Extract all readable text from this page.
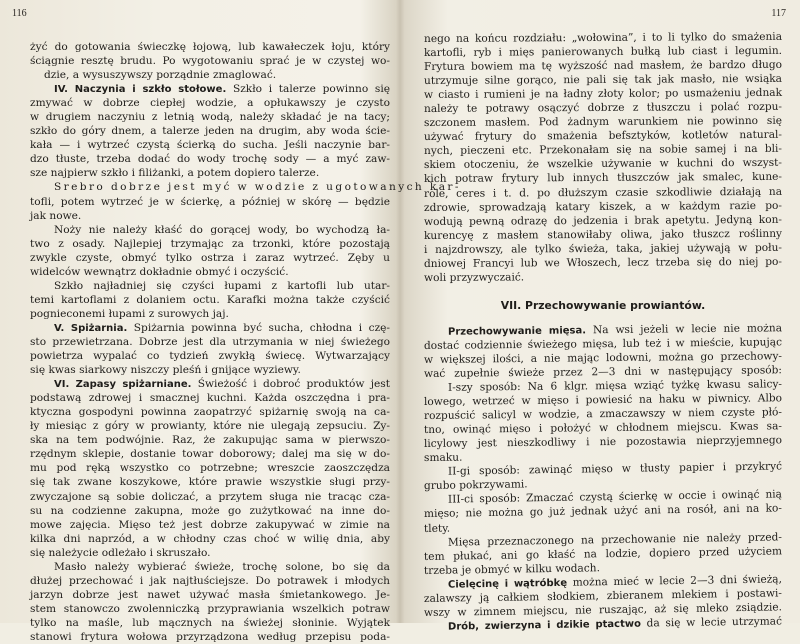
116
żyć do gotowania świeczkę łojową, lub kawałeczek łoju, który
ściągnie resztę brudu. Po wygotowaniu sprać je w czystej wo-
dzie, a wysuszywszy porządnie zmaglować.
IV. Naczynia i szkło stołowe. Szkło i talerze powinno się
zmywać w dobrze ciepłej wodzie, a opłukawszy je czysto
w drugiem naczyniu z letnią wodą, należy składać je na tacy;
szkło do góry dnem, a talerze jeden na drugim, aby woda ście-
kała — i wytrzeć czystą ścierką do sucha. Jeśli naczynie bar-
dzo tłuste, trzeba dodać do wody trochę sody — a myć zaw-
sze najpierw szkło i filiżanki, a potem dopiero talerze.
Srebro dobrze jest myć w wodzie z ugotowanych kar-
tofli, potem wytrzeć je w ścierkę, a później w skórę — będzie
jak nowe.
Noży nie należy kłaść do gorącej wody, bo wychodzą ła-
two z osady. Najlepiej trzymając za trzonki, które pozostają
zwykle czyste, obmyć tylko ostrza i zaraz wytrzeć. Zęby u
widelców wewnątrz dokładnie obmyć i oczyścić.
Szkło najładniej się czyści łupami z kartofli lub utar-
temi kartoflami z dolaniem octu. Karafki można także czyścić
pognieconemi łupami z surowych jaj.
V. Spiżarnia. Spiżarnia powinna być sucha, chłodna i czę-
sto przewietrzana. Dobrze jest dla utrzymania w niej świeżego
powietrza wypalać co tydzień zwykłą świecę. Wytwarzający
się kwas siarkowy niszczy pleśń i gnijące wyziewy.
VI. Zapasy spiżarniane. Świeżość i dobroć produktów jest
podstawą zdrowej i smacznej kuchni. Każda oszczędna i pra-
ktyczna gospodyni powinna zaopatrzyć spiżarnię swoją na ca-
ły miesiąc z góry w prowianty, które nie ulegają zepsuciu. Zy-
ska na tem podwójnie. Raz, że zakupując sama w pierwszo-
rzędnym sklepie, dostanie towar doborowy; dalej ma się w do-
mu pod ręką wszystko co potrzebne; wreszcie zaoszczędza
się tak zwane koszykowe, które prawie wszystkie sługi przy-
zwyczajone są sobie doliczać, a przytem sługa nie tracąc cza-
su na codzienne zakupna, może go zużytkować na inne do-
mowe zajęcia. Mięso też jest dobrze zakupywać w zimie na
kilka dni naprzód, a w chłodny czas choć w wilię dnia, aby
się należycie odleżało i skruszało.
Masło należy wybierać świeże, trochę solone, bo się da
dłużej przechować i jak najtłuściejsze. Do potrawek i młodych
jarzyn dobrze jest nawet używać masła śmietankowego. Je-
stem stanowczo zwolenniczką przyprawiania wszelkich potraw
tylko na maśle, lub mącznych na świeżej słoninie. Wyjątek
stanowi frytura wołowa przyrządzona według przepisu poda-
117
nego na końcu rozdziału: „wołowina”, i to li tylko do smażenia
kartofli, ryb i mięs panierowanych bułką lub ciast i legumin.
Frytura bowiem ma tę wyższość nad masłem, że bardzo długo
utrzymuje silne gorąco, nie pali się tak jak masło, nie wsiąka
w ciasto i rumieni je na ładny złoty kolor; po usmażeniu jednak
należy te potrawy osączyć dobrze z tłuszczu i polać rozpu-
szczonem masłem. Pod żadnym warunkiem nie powinno się
używać frytury do smażenia befsztyków, kotletów natural-
nych, pieczeni etc. Przekonałam się na sobie samej i na bli-
skiem otoczeniu, że wszelkie używanie w kuchni do wszyst-
kich potraw frytury lub innych tłuszczów jak smalec, kune-
role, ceres i t. d. po dłuższym czasie szkodliwie działają na
zdrowie, sprowadzają katary kiszek, a w każdym razie po-
wodują pewną odrazę do jedzenia i brak apetytu. Jedyną kon-
kurencyę z masłem stanowiłaby oliwa, jako tłuszcz roślinny
i najzdrowszy, ale tylko świeża, taka, jakiej używają w połu-
dniowej Francyi lub we Włoszech, lecz trzeba się do niej po-
woli przyzwyczaić.
VII. Przechowywanie prowiantów.
Przechowywanie mięsa. Na wsi jeżeli w lecie nie można
dostać codziennie świeżego mięsa, lub też i w mieście, kupując
w większej ilości, a nie mając lodowni, można go przechowy-
wać zupełnie świeże przez 2—3 dni w następujący sposób:
I-szy sposób: Na 6 klgr. mięsa wziąć tyżkę kwasu salicy-
lowego, wetrzeć w mięso i powiesić na haku w piwnicy. Albo
rozpuścić salicyl w wodzie, a zmaczawszy w niem czyste płó-
tno, owinąć mięso i położyć w chłodnem miejscu. Kwas sa-
licylowy jest nieszkodliwy i nie pozostawia nieprzyjemnego
smaku.
II-gi sposób: zawinąć mięso w tłusty papier i przykryć
grubo pokrzywami.
III-ci sposób: Zmaczać czystą ścierkę w occie i owinąć nią
mięso; nie można go już jednak użyć ani na rosół, ani na ko-
tlety.
Mięsa przeznaczonego na przechowanie nie należy przed-
tem płukać, ani go kłaść na lodzie, dopiero przed użyciem
trzeba je obmyć w kilku wodach.
Cielęcinę i wątróbkę można mieć w lecie 2—3 dni świeżą,
zalawszy ją całkiem słodkiem, zbieranem mlekiem i postawi-
wszy w zimnem miejscu, nie ruszając, aż się mleko zsiądzie.
Drób, zwierzyna i dzikie ptactwo da się w lecie utrzymać
